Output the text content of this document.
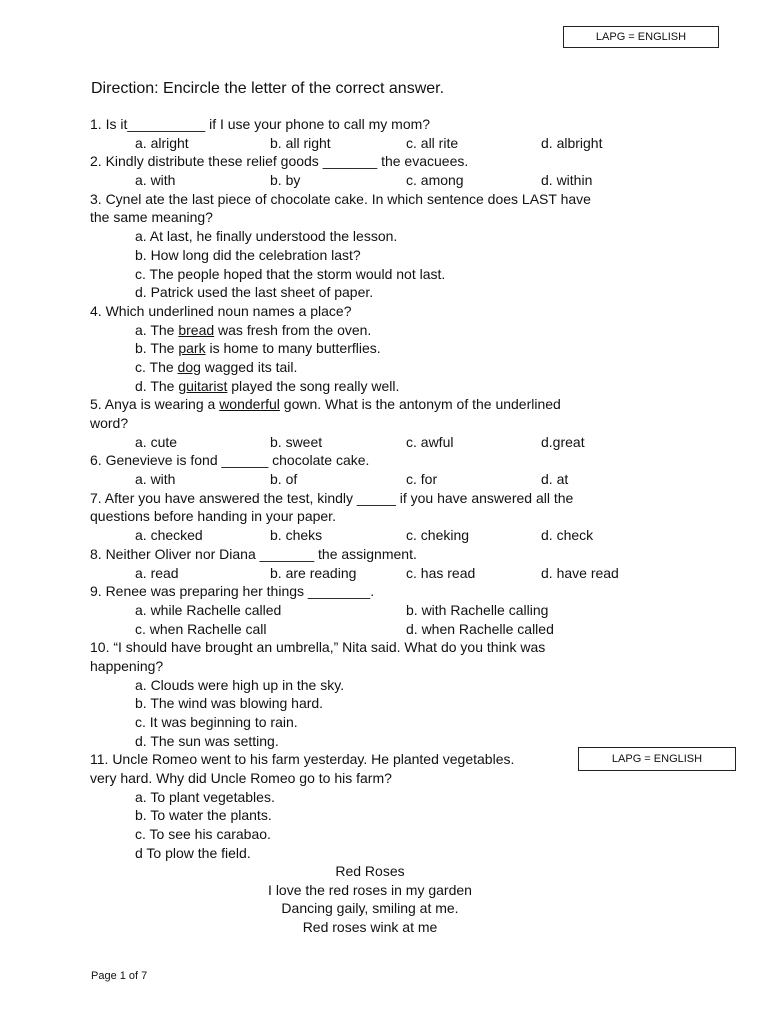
LAPG = ENGLISH
Direction: Encircle the letter of the correct answer.
1. Is it__________ if I use your phone to call my mom?
a. alright	b. all right	c. all rite	d. albright
2. Kindly distribute these relief goods _______ the evacuees.
a. with	b. by	c. among	d. within
3. Cynel ate the last piece of chocolate cake. In which sentence does LAST have
the same meaning?
a. At last, he finally understood the lesson.
b. How long did the celebration last?
c. The people hoped that the storm would not last.
d. Patrick used the last sheet of paper.
4. Which underlined noun names a place?
a. The bread was fresh from the oven.
b. The park is home to many butterflies.
c. The dog wagged its tail.
d. The guitarist played the song really well.
5. Anya is wearing a wonderful gown. What is the antonym of the underlined
word?
a. cute	b. sweet	c. awful	d.great
6. Genevieve is fond ______ chocolate cake.
a. with	b. of	c. for	d. at
7. After you have answered the test, kindly _____ if you have answered all the
questions before handing in your paper.
a. checked	b. cheks	c. cheking	d. check
8. Neither Oliver nor Diana _______ the assignment.
a. read	b. are reading	c. has read	d. have read
9. Renee was preparing her things ________.
a. while Rachelle called	b. with Rachelle calling
c. when Rachelle call	d. when Rachelle called
10. “I should have brought an umbrella,” Nita said. What do you think was
happening?
a. Clouds were high up in the sky.
b. The wind was blowing hard.
c. It was beginning to rain.
d. The sun was setting.
11. Uncle Romeo went to his farm yesterday. He planted vegetables.
very hard. Why did Uncle Romeo go to his farm?
a. To plant vegetables.
b. To water the plants.
c. To see his carabao.
d To plow the field.
LAPG = ENGLISH
Red Roses
I love the red roses in my garden
Dancing gaily, smiling at me.
Red roses wink at me
Page 1 of 7
